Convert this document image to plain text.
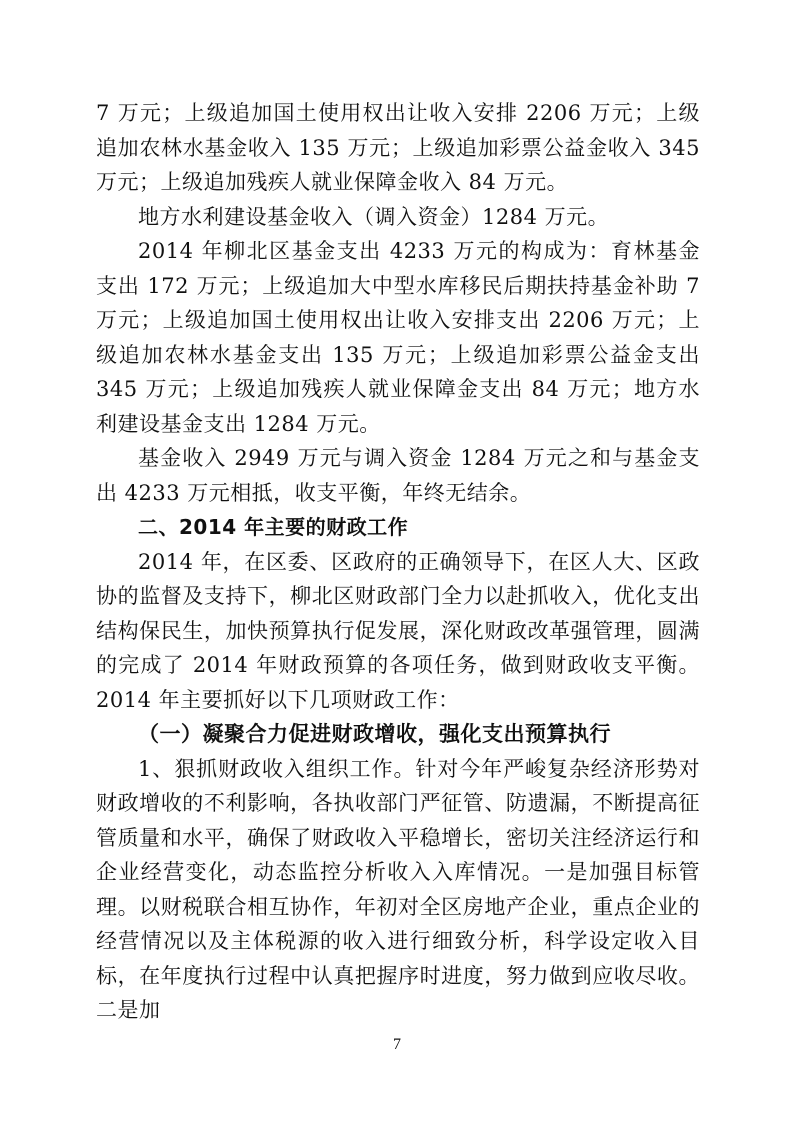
7 万元；上级追加国土使用权出让收入安排 2206 万元；上级追加农林水基金收入 135 万元；上级追加彩票公益金收入 345 万元；上级追加残疾人就业保障金收入 84 万元。

地方水利建设基金收入（调入资金）1284 万元。

2014 年柳北区基金支出 4233 万元的构成为：育林基金支出 172 万元；上级追加大中型水库移民后期扶持基金补助 7 万元；上级追加国土使用权出让收入安排支出 2206 万元；上级追加农林水基金支出 135 万元；上级追加彩票公益金支出 345 万元；上级追加残疾人就业保障金支出 84 万元；地方水利建设基金支出 1284 万元。

基金收入 2949 万元与调入资金 1284 万元之和与基金支出 4233 万元相抵，收支平衡，年终无结余。

二、2014 年主要的财政工作

2014 年，在区委、区政府的正确领导下，在区人大、区政协的监督及支持下，柳北区财政部门全力以赴抓收入，优化支出结构保民生，加快预算执行促发展，深化财政改革强管理，圆满的完成了 2014 年财政预算的各项任务，做到财政收支平衡。2014 年主要抓好以下几项财政工作：

（一）凝聚合力促进财政增收，强化支出预算执行

1、狠抓财政收入组织工作。针对今年严峻复杂经济形势对财政增收的不利影响，各执收部门严征管、防遗漏，不断提高征管质量和水平，确保了财政收入平稳增长，密切关注经济运行和企业经营变化，动态监控分析收入入库情况。一是加强目标管理。以财税联合相互协作，年初对全区房地产企业，重点企业的经营情况以及主体税源的收入进行细致分析，科学设定收入目标，在年度执行过程中认真把握序时进度，努力做到应收尽收。二是加

7
